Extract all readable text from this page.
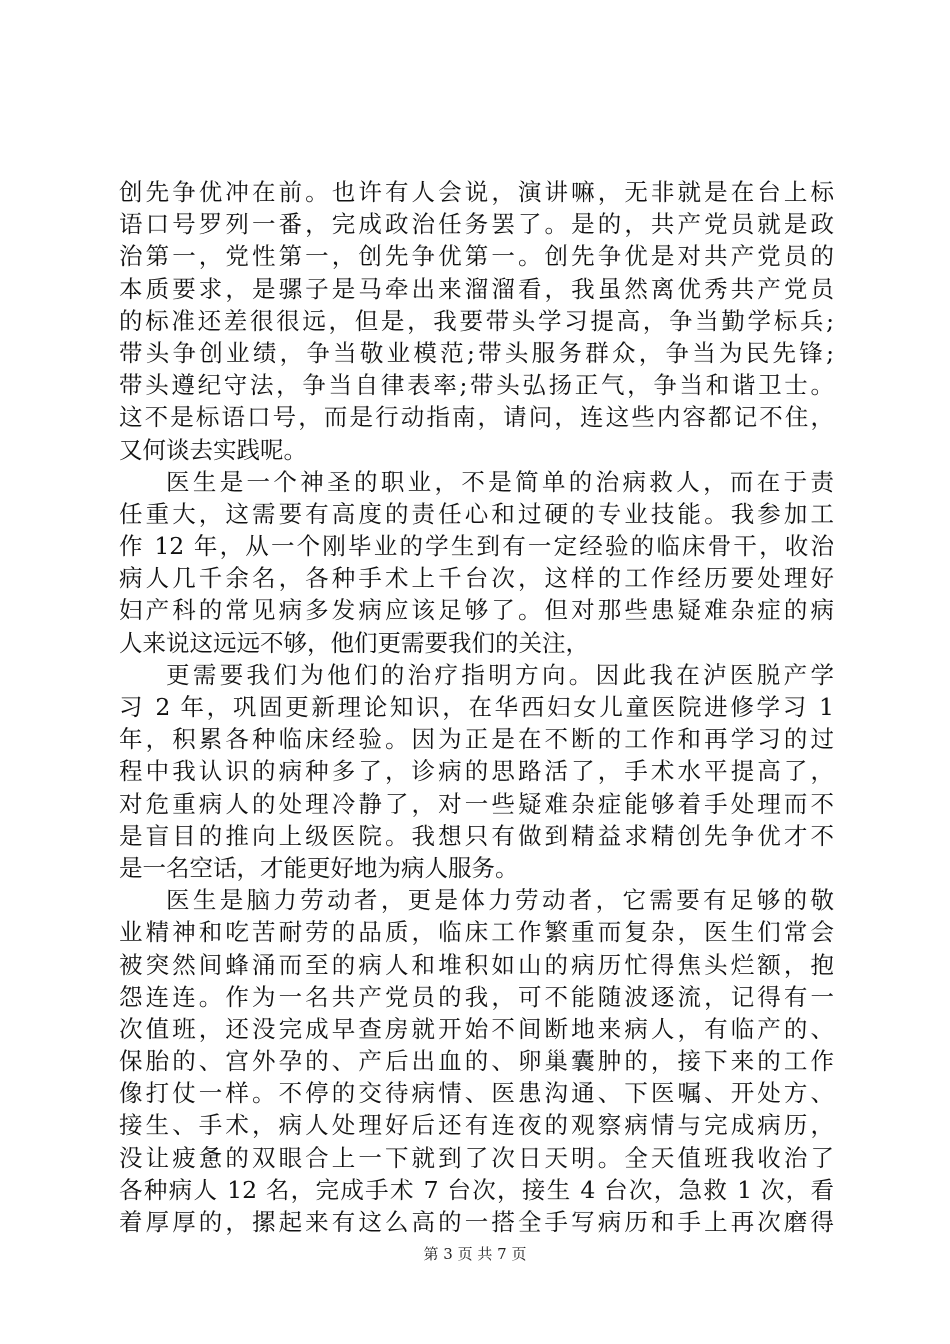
创先争优冲在前。也许有人会说，演讲嘛，无非就是在台上标
语口号罗列一番，完成政治任务罢了。是的，共产党员就是政
治第一，党性第一，创先争优第一。创先争优是对共产党员的
本质要求，是骡子是马牵出来溜溜看，我虽然离优秀共产党员
的标准还差很很远，但是，我要带头学习提高，争当勤学标兵;
带头争创业绩，争当敬业模范;带头服务群众，争当为民先锋;
带头遵纪守法，争当自律表率;带头弘扬正气，争当和谐卫士。
这不是标语口号，而是行动指南，请问，连这些内容都记不住，
又何谈去实践呢。
医生是一个神圣的职业，不是简单的治病救人，而在于责
任重大，这需要有高度的责任心和过硬的专业技能。我参加工
作 12 年，从一个刚毕业的学生到有一定经验的临床骨干，收治
病人几千余名，各种手术上千台次，这样的工作经历要处理好
妇产科的常见病多发病应该足够了。但对那些患疑难杂症的病
人来说这远远不够，他们更需要我们的关注，
更需要我们为他们的治疗指明方向。因此我在泸医脱产学
习 2 年，巩固更新理论知识，在华西妇女儿童医院进修学习 1
年，积累各种临床经验。因为正是在不断的工作和再学习的过
程中我认识的病种多了，诊病的思路活了，手术水平提高了，
对危重病人的处理冷静了，对一些疑难杂症能够着手处理而不
是盲目的推向上级医院。我想只有做到精益求精创先争优才不
是一名空话，才能更好地为病人服务。
医生是脑力劳动者，更是体力劳动者，它需要有足够的敬
业精神和吃苦耐劳的品质，临床工作繁重而复杂，医生们常会
被突然间蜂涌而至的病人和堆积如山的病历忙得焦头烂额，抱
怨连连。作为一名共产党员的我，可不能随波逐流，记得有一
次值班，还没完成早查房就开始不间断地来病人，有临产的、
保胎的、宫外孕的、产后出血的、卵巢囊肿的，接下来的工作
像打仗一样。不停的交待病情、医患沟通、下医嘱、开处方、
接生、手术，病人处理好后还有连夜的观察病情与完成病历，
没让疲惫的双眼合上一下就到了次日天明。全天值班我收治了
各种病人 12 名，完成手术 7 台次，接生 4 台次，急救 1 次，看
着厚厚的，摞起来有这么高的一搭全手写病历和手上再次磨得
第 3 页 共 7 页
